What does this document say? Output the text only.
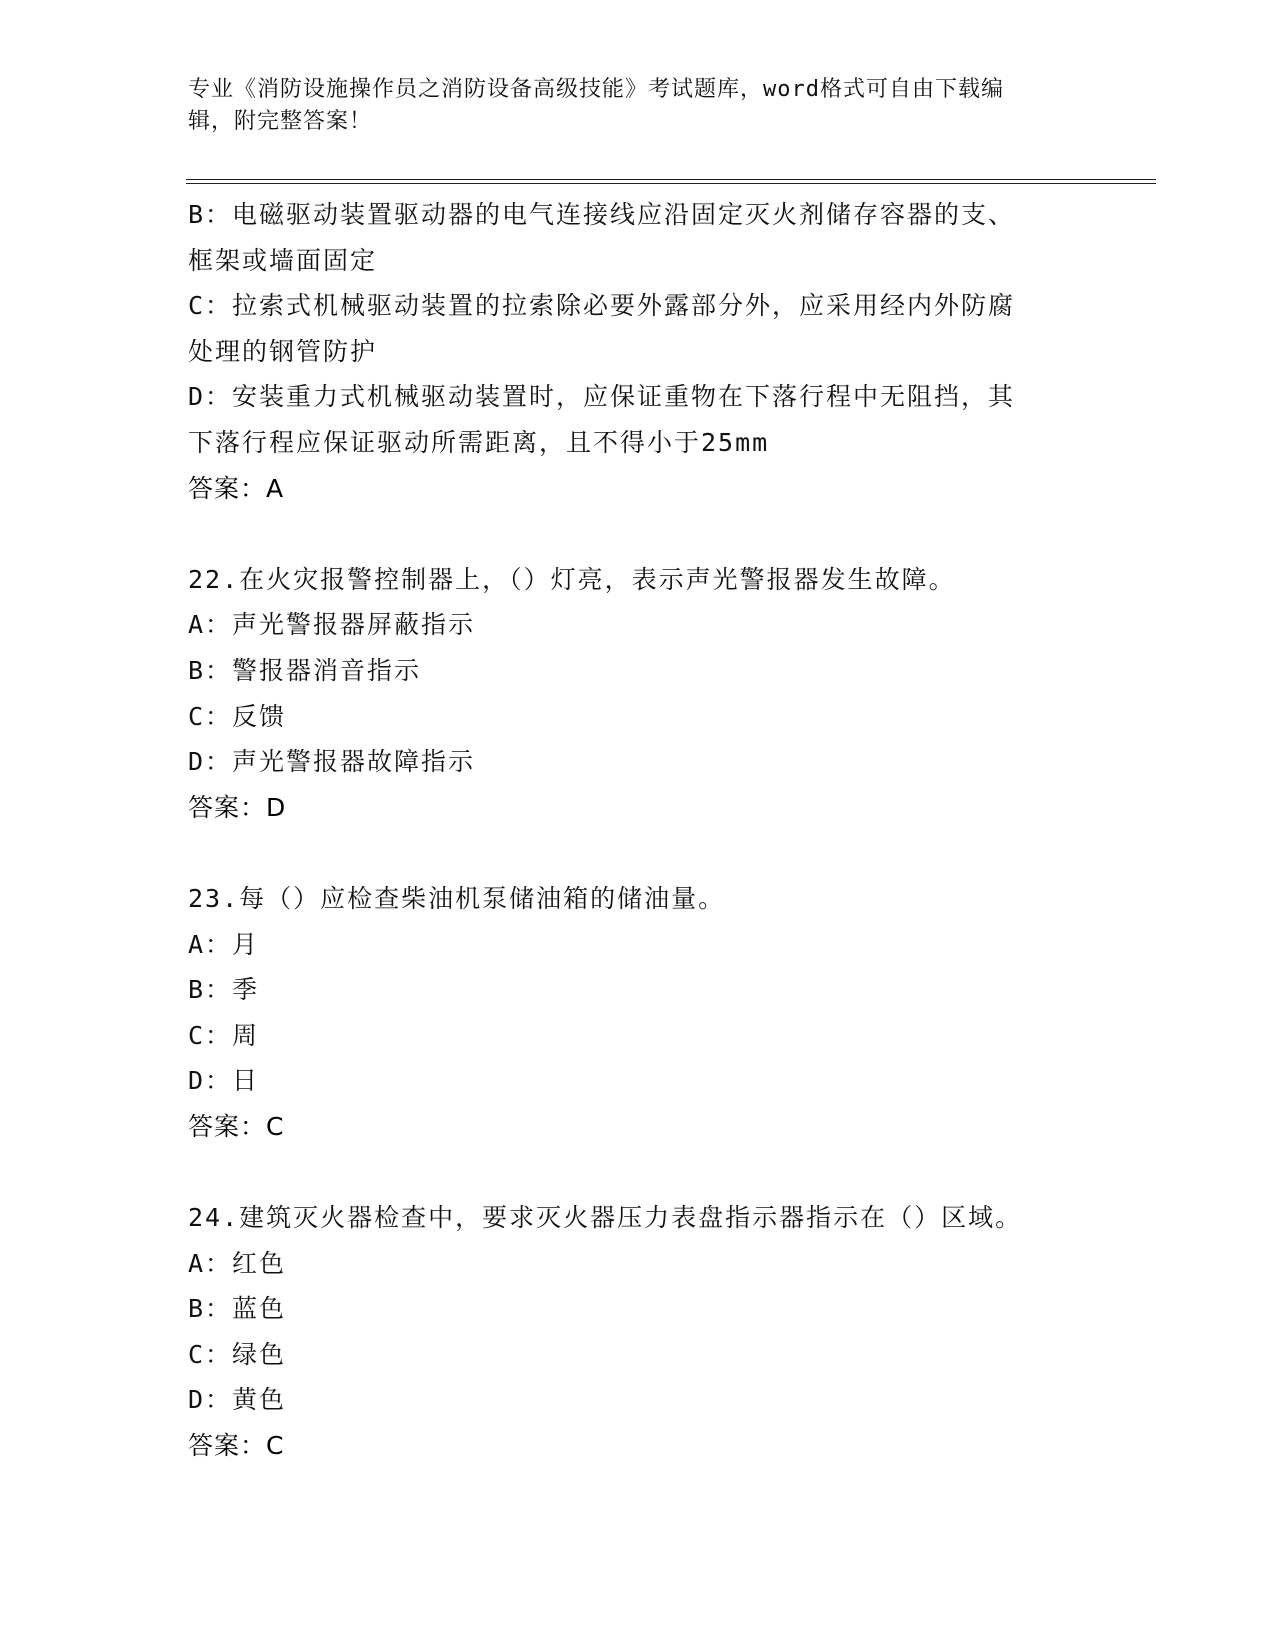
专业《消防设施操作员之消防设备高级技能》考试题库，word格式可自由下载编
辑，附完整答案！
B：电磁驱动装置驱动器的电气连接线应沿固定灭火剂储存容器的支、
框架或墙面固定
C：拉索式机械驱动装置的拉索除必要外露部分外，应采用经内外防腐
处理的钢管防护
D：安装重力式机械驱动装置时，应保证重物在下落行程中无阻挡，其
下落行程应保证驱动所需距离，且不得小于25mm
答案：A
22.在火灾报警控制器上，（）灯亮，表示声光警报器发生故障。
A：声光警报器屏蔽指示
B：警报器消音指示
C：反馈
D：声光警报器故障指示
答案：D
23.每（）应检查柴油机泵储油箱的储油量。
A：月
B：季
C：周
D：日
答案：C
24.建筑灭火器检查中，要求灭火器压力表盘指示器指示在（）区域。
A：红色
B：蓝色
C：绿色
D：黄色
答案：C
